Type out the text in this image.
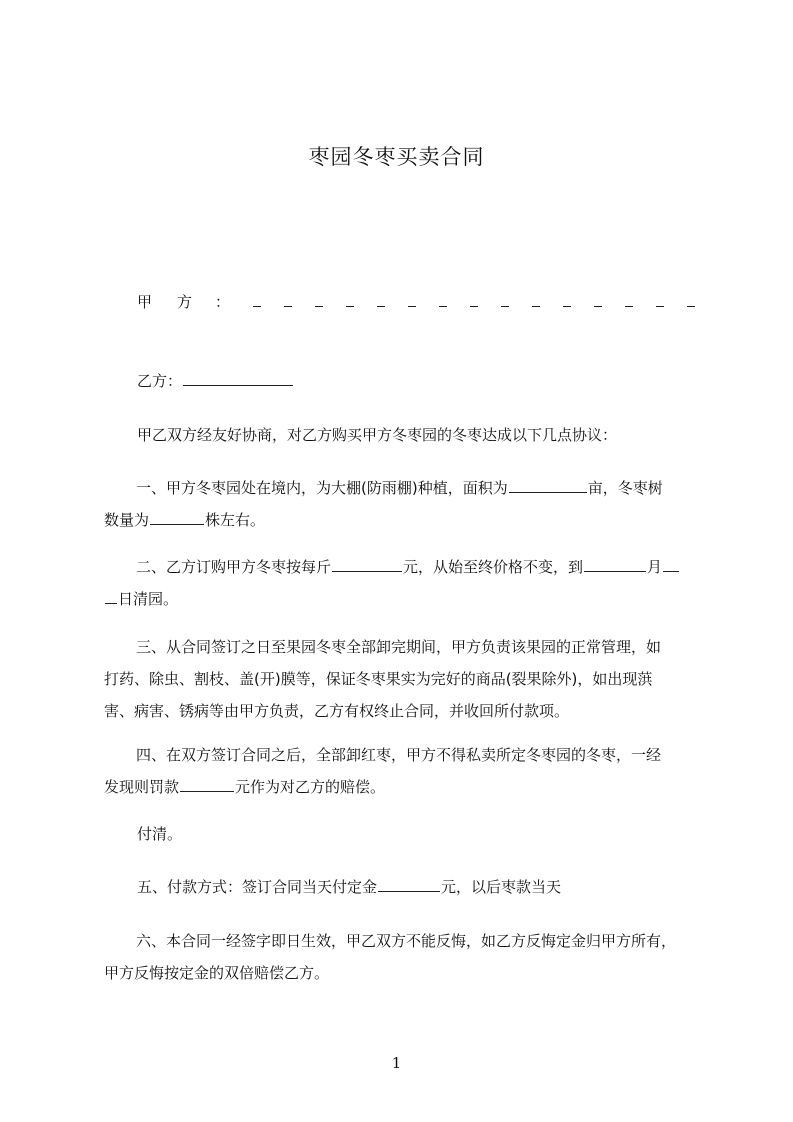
枣园冬枣买卖合同
甲方
：
乙方：
甲乙双方经友好协商，对乙方购买甲方冬枣园的冬枣达成以下几点协议：
一、甲方冬枣园处在境内，为大棚(防雨棚)种植，面积为	亩，冬枣树
数量为	株左右。
二、乙方订购甲方冬枣按每斤	元，从始至终价格不变，到	月
日清园。
三、从合同签订之日至果园冬枣全部卸完期间，甲方负责该果园的正常管理，如
打药、除虫、割枝、盖(开)膜等，保证冬枣果实为完好的商品(裂果除外)，如出现葓
害、病害、锈病等由甲方负责，乙方有权终止合同，并收回所付款项。
四、在双方签订合同之后，全部卸红枣，甲方不得私卖所定冬枣园的冬枣，一经
发现则罚款	元作为对乙方的赔偿。
付清。
五、付款方式：签订合同当天付定金	元，以后枣款当天
六、本合同一经签字即日生效，甲乙双方不能反悔，如乙方反悔定金归甲方所有，
甲方反悔按定金的双倍赔偿乙方。
1
